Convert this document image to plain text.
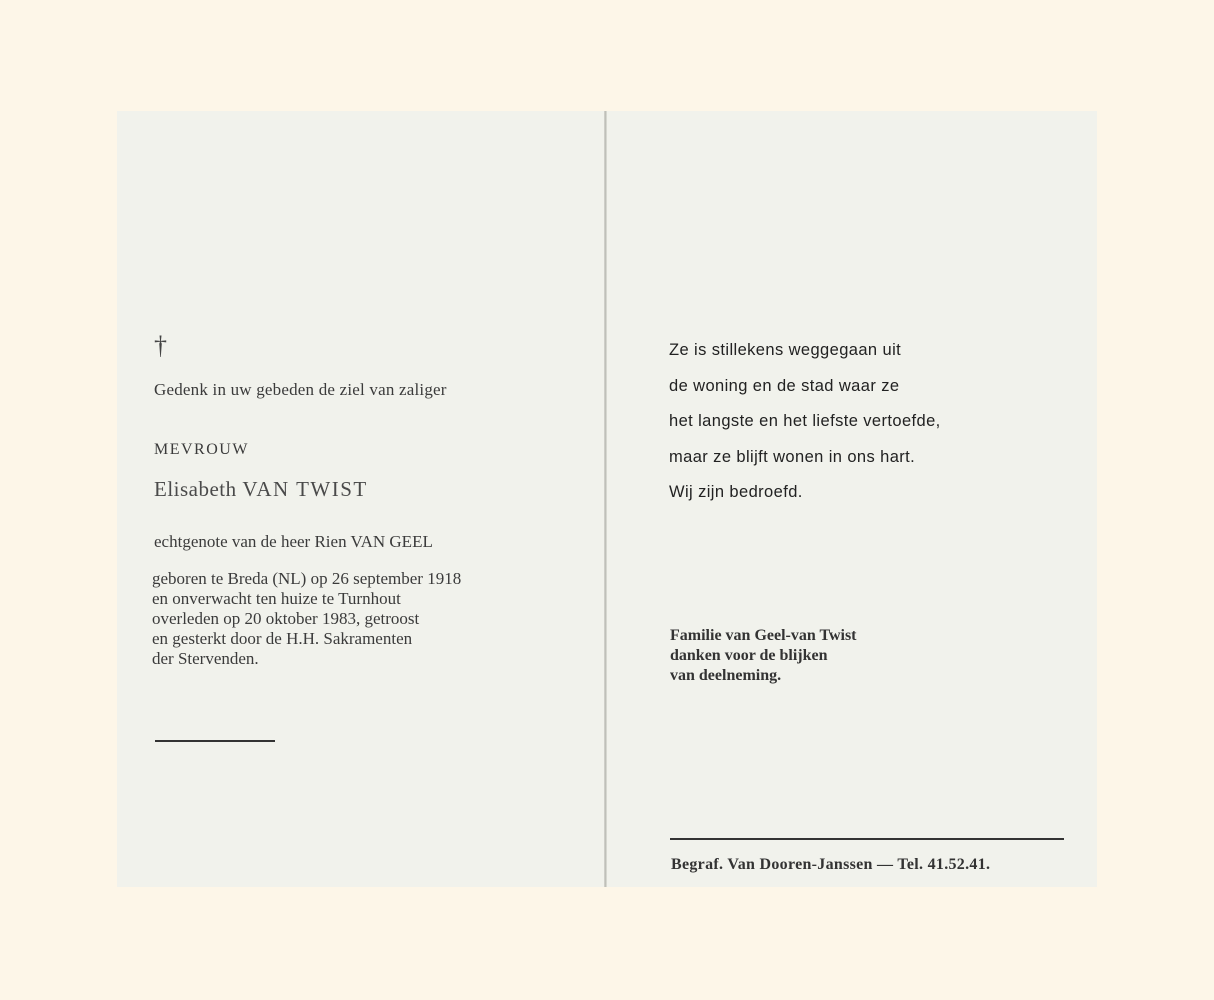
†

Gedenk in uw gebeden de ziel van zaliger

MEVROUW

Elisabeth VAN TWIST

echtgenote van de heer Rien VAN GEEL

geboren te Breda (NL) op 26 september 1918
en onverwacht ten huize te Turnhout
overleden op 20 oktober 1983, getroost
en gesterkt door de H.H. Sakramenten
der Stervenden.
Ze is stillekens weggegaan uit
de woning en de stad waar ze
het langste en het liefste vertoefde,
maar ze blijft wonen in ons hart.
Wij zijn bedroefd.
Familie van Geel-van Twist
danken voor de blijken
van deelneming.

Begraf. Van Dooren-Janssen — Tel. 41.52.41.
